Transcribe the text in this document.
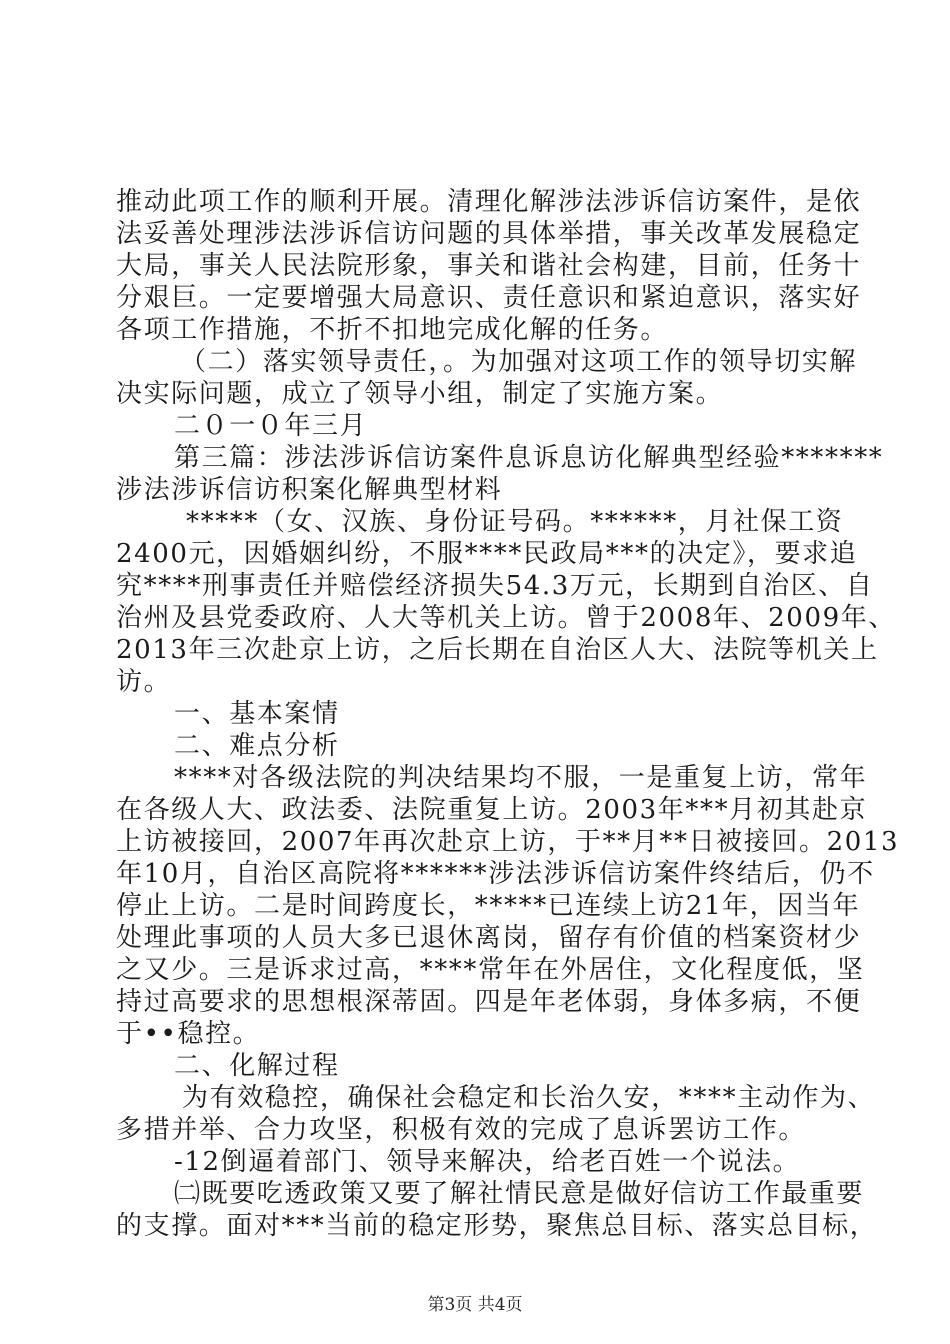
推动此项工作的顺利开展。清理化解涉法涉诉信访案件，是依
法妥善处理涉法涉诉信访问题的具体举措，事关改革发展稳定
大局，事关人民法院形象，事关和谐社会构建，目前，任务十
分艰巨。一定要增强大局意识、责任意识和紧迫意识，落实好
各项工作措施，不折不扣地完成化解的任务。
（二）落实领导责任，。为加强对这项工作的领导切实解
决实际问题，成立了领导小组，制定了实施方案。
二０一０年三月
第三篇：涉法涉诉信访案件息诉息访化解典型经验*******
涉法涉诉信访积案化解典型材料
*****（女、汉族、身份证号码。******，月社保工资
2400元，因婚姻纠纷，不服****民政局***的决定》，要求追
究****刑事责任并赔偿经济损失54.3万元，长期到自治区、自
治州及县党委政府、人大等机关上访。曾于2008年、2009年、
2013年三次赴京上访，之后长期在自治区人大、法院等机关上
访。
一、基本案情
二、难点分析
****对各级法院的判决结果均不服，一是重复上访，常年
在各级人大、政法委、法院重复上访。2003年***月初其赴京
上访被接回，2007年再次赴京上访，于**月**日被接回。2013
年10月，自治区高院将******涉法涉诉信访案件终结后，仍不
停止上访。二是时间跨度长，*****已连续上访21年，因当年
处理此事项的人员大多已退休离岗，留存有价值的档案资材少
之又少。三是诉求过高，****常年在外居住，文化程度低，坚
持过高要求的思想根深蒂固。四是年老体弱，身体多病，不便
于••稳控。
二、化解过程
为有效稳控，确保社会稳定和长治久安，****主动作为、
多措并举、合力攻坚，积极有效的完成了息诉罢访工作。
-12倒逼着部门、领导来解决，给老百姓一个说法。
㈡既要吃透政策又要了解社情民意是做好信访工作最重要
的支撑。面对***当前的稳定形势，聚焦总目标、落实总目标，
第3页 共4页
